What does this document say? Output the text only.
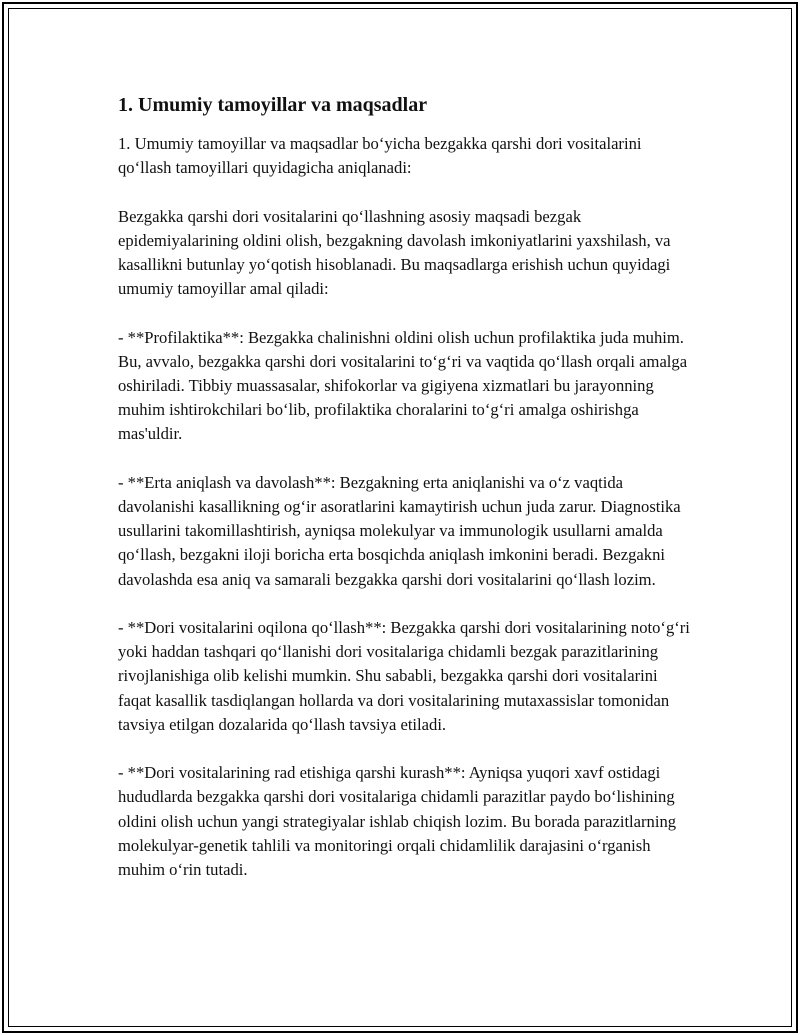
1. Umumiy tamoyillar va maqsadlar

1. Umumiy tamoyillar va maqsadlar bo‘yicha bezgakka qarshi dori vositalarini qo‘llash tamoyillari quyidagicha aniqlanadi:

Bezgakka qarshi dori vositalarini qo‘llashning asosiy maqsadi bezgak epidemiyalarining oldini olish, bezgakning davolash imkoniyatlarini yaxshilash, va kasallikni butunlay yo‘qotish hisoblanadi. Bu maqsadlarga erishish uchun quyidagi umumiy tamoyillar amal qiladi:

- **Profilaktika**: Bezgakka chalinishni oldini olish uchun profilaktika juda muhim. Bu, avvalo, bezgakka qarshi dori vositalarini to‘g‘ri va vaqtida qo‘llash orqali amalga oshiriladi. Tibbiy muassasalar, shifokorlar va gigiyena xizmatlari bu jarayonning muhim ishtirokchilari bo‘lib, profilaktika choralarini to‘g‘ri amalga oshirishga mas'uldir.

- **Erta aniqlash va davolash**: Bezgakning erta aniqlanishi va o‘z vaqtida davolanishi kasallikning og‘ir asoratlarini kamaytirish uchun juda zarur. Diagnostika usullarini takomillashtirish, ayniqsa molekulyar va immunologik usullarni amalda qo‘llash, bezgakni iloji boricha erta bosqichda aniqlash imkonini beradi. Bezgakni davolashda esa aniq va samarali bezgakka qarshi dori vositalarini qo‘llash lozim.

- **Dori vositalarini oqilona qo‘llash**: Bezgakka qarshi dori vositalarining noto‘g‘ri yoki haddan tashqari qo‘llanishi dori vositalariga chidamli bezgak parazitlarining rivojlanishiga olib kelishi mumkin. Shu sababli, bezgakka qarshi dori vositalarini faqat kasallik tasdiqlangan hollarda va dori vositalarining mutaxassislar tomonidan tavsiya etilgan dozalarida qo‘llash tavsiya etiladi.

- **Dori vositalarining rad etishiga qarshi kurash**: Ayniqsa yuqori xavf ostidagi hududlarda bezgakka qarshi dori vositalariga chidamli parazitlar paydo bo‘lishining oldini olish uchun yangi strategiyalar ishlab chiqish lozim. Bu borada parazitlarning molekulyar-genetik tahlili va monitoringi orqali chidamlilik darajasini o‘rganish muhim o‘rin tutadi.
